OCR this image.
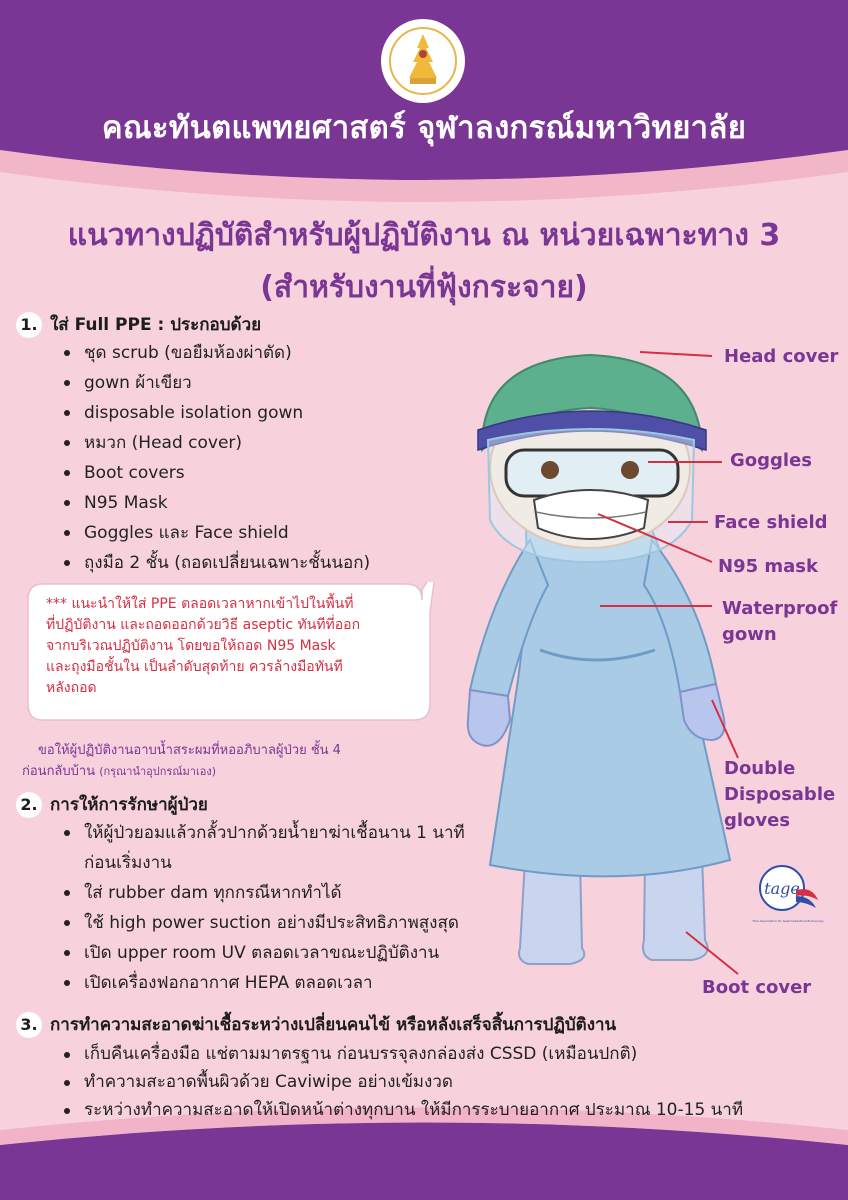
คณะทันตแพทยศาสตร์ จุฬาลงกรณ์มหาวิทยาลัย
แนวทางปฏิบัติสำหรับผู้ปฏิบัติงาน ณ หน่วยเฉพาะทาง 3
(สำหรับงานที่ฟุ้งกระจาย)
1. ใส่ Full PPE : ประกอบด้วย
ชุด scrub (ขอยืมห้องผ่าตัด)
gown ผ้าเขียว
disposable isolation gown
หมวก (Head cover)
Boot covers
N95 Mask
Goggles และ Face shield
ถุงมือ 2 ชั้น (ถอดเปลี่ยนเฉพาะชั้นนอก)
*** แนะนำให้ใส่ PPE ตลอดเวลาหากเข้าไปในพื้นที่
ที่ปฏิบัติงาน และถอดออกด้วยวิธี aseptic ทันทีที่ออก
จากบริเวณปฏิบัติงาน โดยขอให้ถอด N95 Mask
และถุงมือชั้นใน เป็นลำดับสุดท้าย ควรล้างมือทันที
หลังถอด
ขอให้ผู้ปฏิบัติงานอาบน้ำสระผมที่หออภิบาลผู้ป่วย ชั้น 4
ก่อนกลับบ้าน (กรุณานำอุปกรณ์มาเอง)
2. การให้การรักษาผู้ป่วย
ให้ผู้ป่วยอมแล้วกลั้วปากด้วยน้ำยาฆ่าเชื้อนาน 1 นาที
ก่อนเริ่มงาน
ใส่ rubber dam ทุกกรณีหากทำได้
ใช้ high power suction อย่างมีประสิทธิภาพสูงสุด
เปิด upper room UV ตลอดเวลาขณะปฏิบัติงาน
เปิดเครื่องฟอกอากาศ HEPA ตลอดเวลา
3. การทำความสะอาดฆ่าเชื้อระหว่างเปลี่ยนคนไข้ หรือหลังเสร็จสิ้นการปฏิบัติงาน
เก็บคืนเครื่องมือ แช่ตามมาตรฐาน ก่อนบรรจุลงกล่องส่ง CSSD (เหมือนปกติ)
ทำความสะอาดพื้นผิวด้วย Caviwipe อย่างเข้มงวด
ระหว่างทำความสะอาดให้เปิดหน้าต่างทุกบาน ให้มีการระบายอากาศ ประมาณ 10-15 นาที
Head cover
Goggles
Face shield
N95 mask
Waterproof
gown
Double
Disposable
gloves
Boot cover
tage
Thai Association for Gastrointestinal Endoscopy
